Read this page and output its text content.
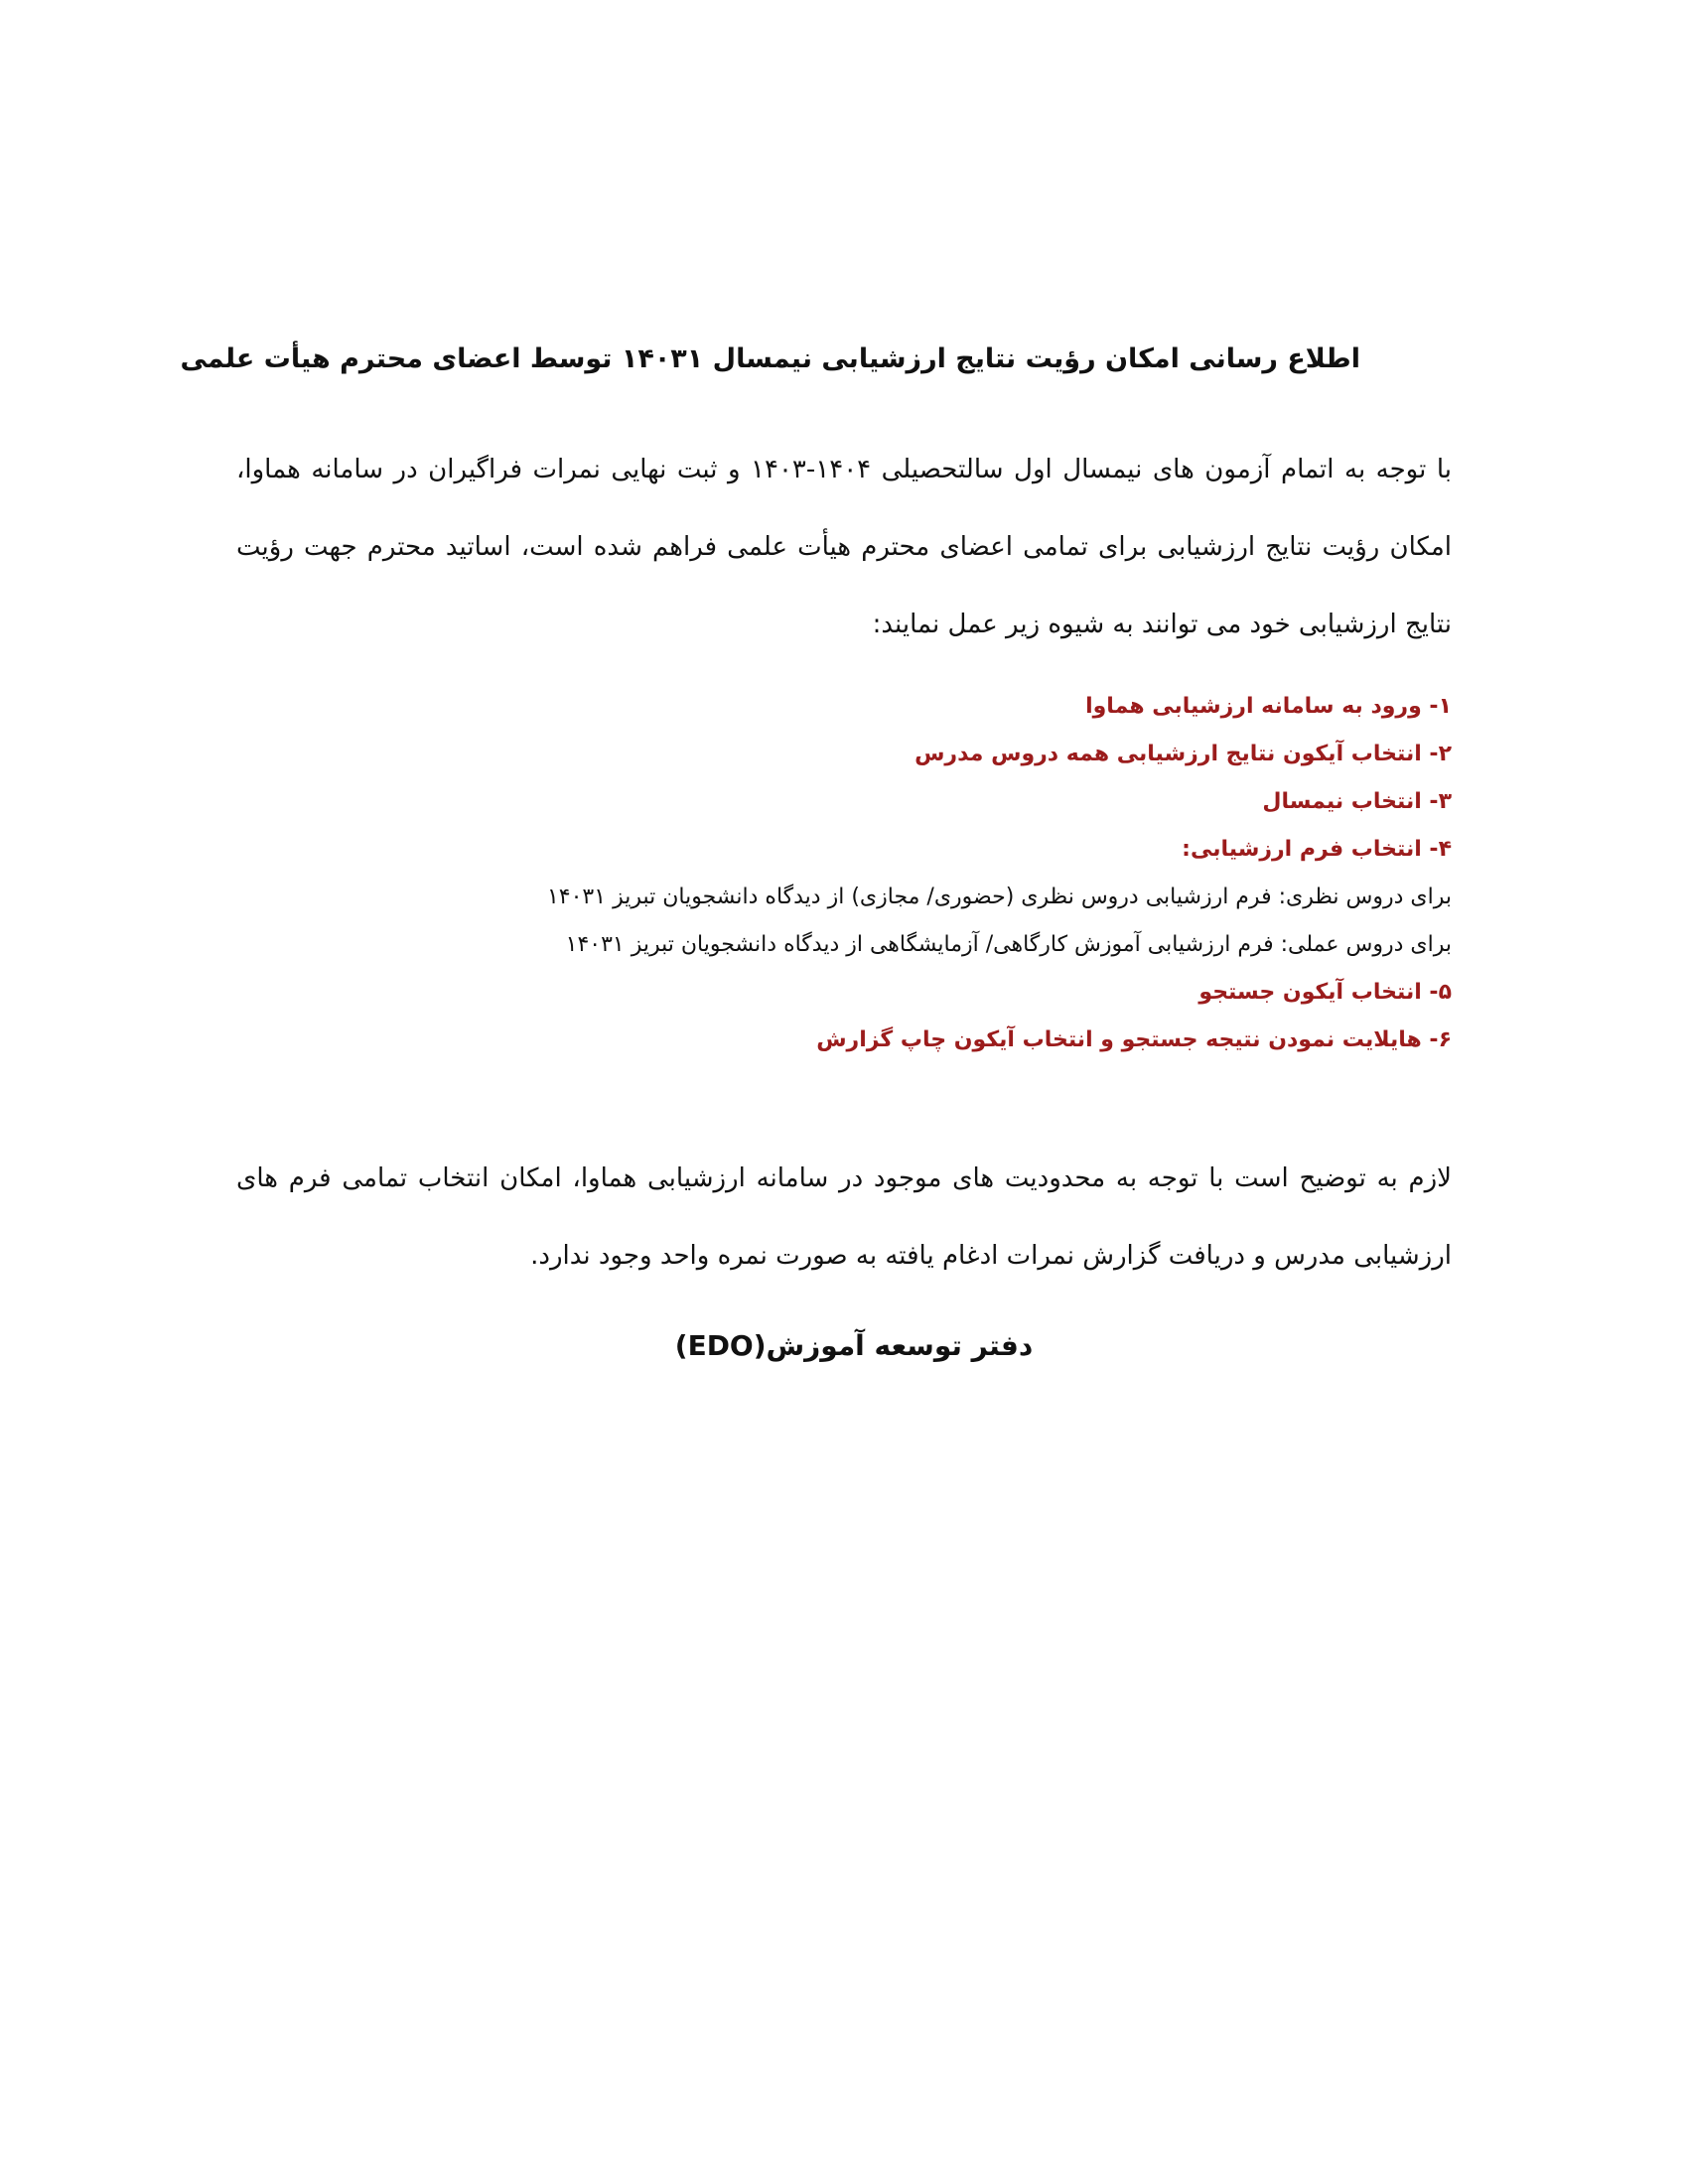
اطلاع رسانی امکان رؤیت نتایج ارزشیابی نیمسال ۱۴۰۳۱ توسط اعضای محترم هیأت علمی

با توجه به اتمام آزمون های نیمسال اول سالتحصیلی ۱۴۰۴-۱۴۰۳ و ثبت نهایی نمرات فراگیران در سامانه هماوا، امکان رؤیت نتایج ارزشیابی برای تمامی اعضای محترم هیأت علمی فراهم شده است، اساتید محترم جهت رؤیت نتایج ارزشیابی خود می توانند به شیوه زیر عمل نمایند:

۱- ورود به سامانه ارزشیابی هماوا
۲- انتخاب آیکون نتایج ارزشیابی همه دروس مدرس
۳- انتخاب نیمسال
۴- انتخاب فرم ارزشیابی:
برای دروس نظری: فرم ارزشیابی دروس نظری (حضوری/ مجازی) از دیدگاه دانشجویان تبریز ۱۴۰۳۱
برای دروس عملی: فرم ارزشیابی آموزش کارگاهی/ آزمایشگاهی از دیدگاه دانشجویان تبریز ۱۴۰۳۱
۵- انتخاب آیکون جستجو
۶- هایلایت نمودن نتیجه جستجو و انتخاب آیکون چاپ گزارش

لازم به توضیح است با توجه به محدودیت های موجود در سامانه ارزشیابی هماوا، امکان انتخاب تمامی فرم های ارزشیابی مدرس و دریافت گزارش نمرات ادغام یافته به صورت نمره واحد وجود ندارد.

دفتر توسعه آموزش(EDO)
